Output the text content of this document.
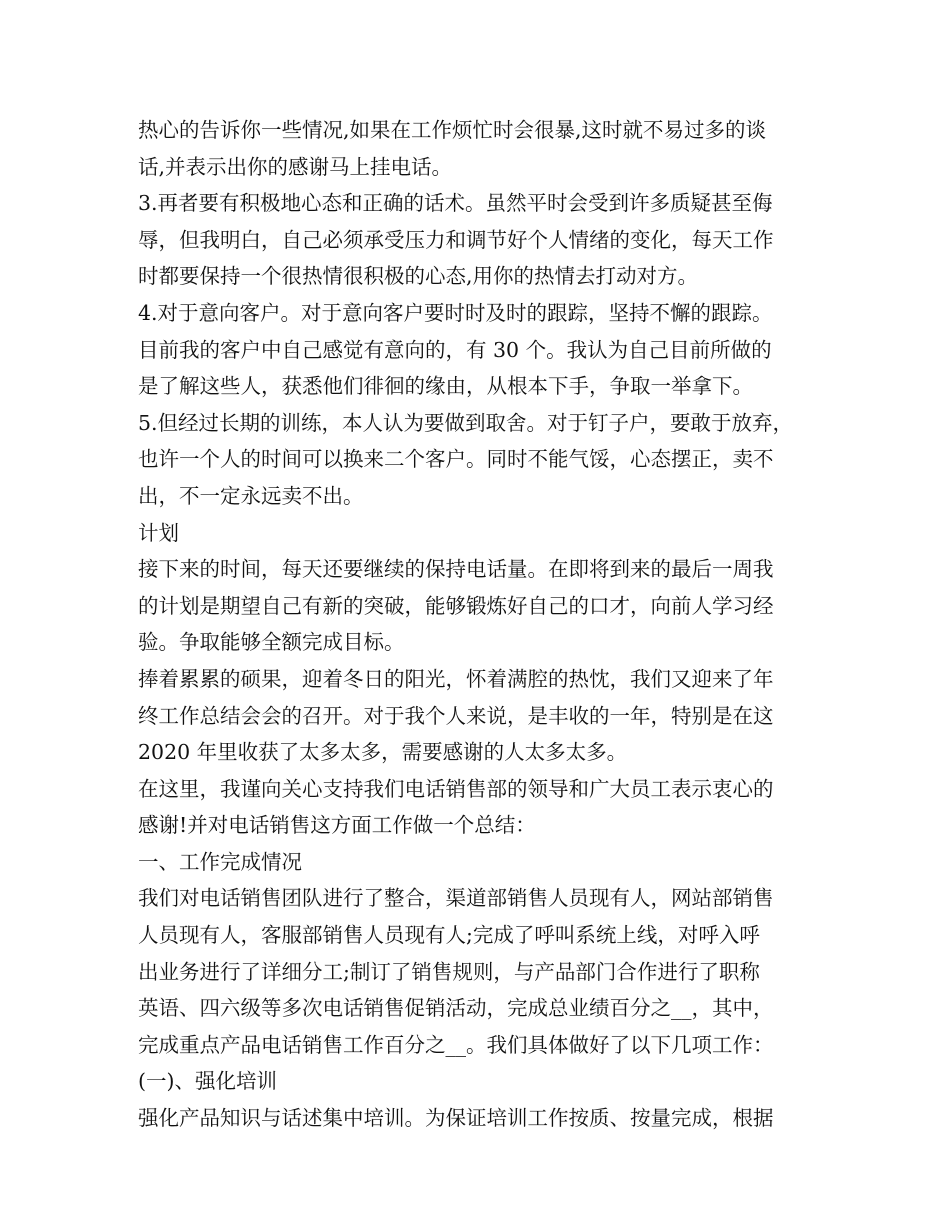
热心的告诉你一些情况,如果在工作烦忙时会很暴,这时就不易过多的谈
话,并表示出你的感谢马上挂电话。
3.再者要有积极地心态和正确的话术。虽然平时会受到许多质疑甚至侮
辱，但我明白，自己必须承受压力和调节好个人情绪的变化，每天工作
时都要保持一个很热情很积极的心态,用你的热情去打动对方。
4.对于意向客户。对于意向客户要时时及时的跟踪，坚持不懈的跟踪。
目前我的客户中自己感觉有意向的，有 30 个。我认为自己目前所做的
是了解这些人，获悉他们徘徊的缘由，从根本下手，争取一举拿下。
5.但经过长期的训练，本人认为要做到取舍。对于钉子户，要敢于放弃，
也许一个人的时间可以换来二个客户。同时不能气馁，心态摆正，卖不
出，不一定永远卖不出。
计划
接下来的时间，每天还要继续的保持电话量。在即将到来的最后一周我
的计划是期望自己有新的突破，能够锻炼好自己的口才，向前人学习经
验。争取能够全额完成目标。
捧着累累的硕果，迎着冬日的阳光，怀着满腔的热忱，我们又迎来了年
终工作总结会会的召开。对于我个人来说，是丰收的一年，特别是在这
2020 年里收获了太多太多，需要感谢的人太多太多。
在这里，我谨向关心支持我们电话销售部的领导和广大员工表示衷心的
感谢!并对电话销售这方面工作做一个总结：
一、工作完成情况
我们对电话销售团队进行了整合，渠道部销售人员现有人，网站部销售
人员现有人，客服部销售人员现有人;完成了呼叫系统上线，对呼入呼
出业务进行了详细分工;制订了销售规则，与产品部门合作进行了职称
英语、四六级等多次电话销售促销活动，完成总业绩百分之__，其中，
完成重点产品电话销售工作百分之__。我们具体做好了以下几项工作：
(一)、强化培训
强化产品知识与话述集中培训。为保证培训工作按质、按量完成，根据
